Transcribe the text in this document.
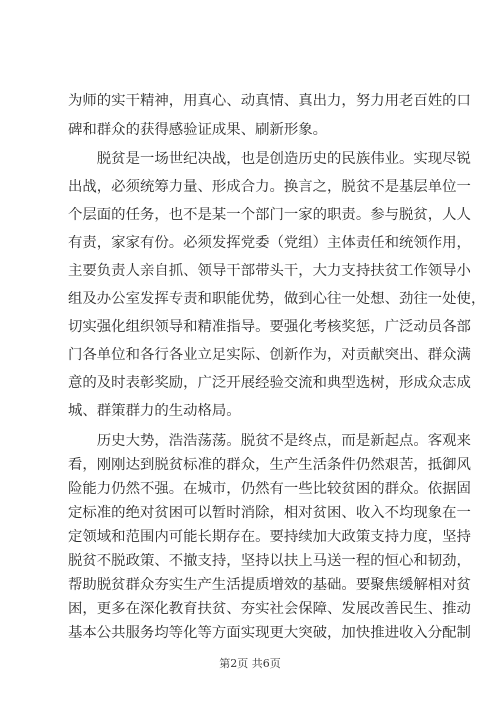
为师的实干精神，用真心、动真情、真出力，努力用老百姓的口
碑和群众的获得感验证成果、刷新形象。
　　脱贫是一场世纪决战，也是创造历史的民族伟业。实现尽锐
出战，必须统筹力量、形成合力。换言之，脱贫不是基层单位一
个层面的任务，也不是某一个部门一家的职责。参与脱贫，人人
有责，家家有份。必须发挥党委（党组）主体责任和统领作用，
主要负责人亲自抓、领导干部带头干，大力支持扶贫工作领导小
组及办公室发挥专责和职能优势，做到心往一处想、劲往一处使，
切实强化组织领导和精准指导。要强化考核奖惩，广泛动员各部
门各单位和各行各业立足实际、创新作为，对贡献突出、群众满
意的及时表彰奖励，广泛开展经验交流和典型选树，形成众志成
城、群策群力的生动格局。
　　历史大势，浩浩荡荡。脱贫不是终点，而是新起点。客观来
看，刚刚达到脱贫标准的群众，生产生活条件仍然艰苦，抵御风
险能力仍然不强。在城市，仍然有一些比较贫困的群众。依据固
定标准的绝对贫困可以暂时消除，相对贫困、收入不均现象在一
定领域和范围内可能长期存在。要持续加大政策支持力度，坚持
脱贫不脱政策、不撤支持，坚持以扶上马送一程的恒心和韧劲，
帮助脱贫群众夯实生产生活提质增效的基础。要聚焦缓解相对贫
困，更多在深化教育扶贫、夯实社会保障、发展改善民生、推动
第2页 共6页
基本公共服务均等化等方面实现更大突破，加快推进收入分配制
